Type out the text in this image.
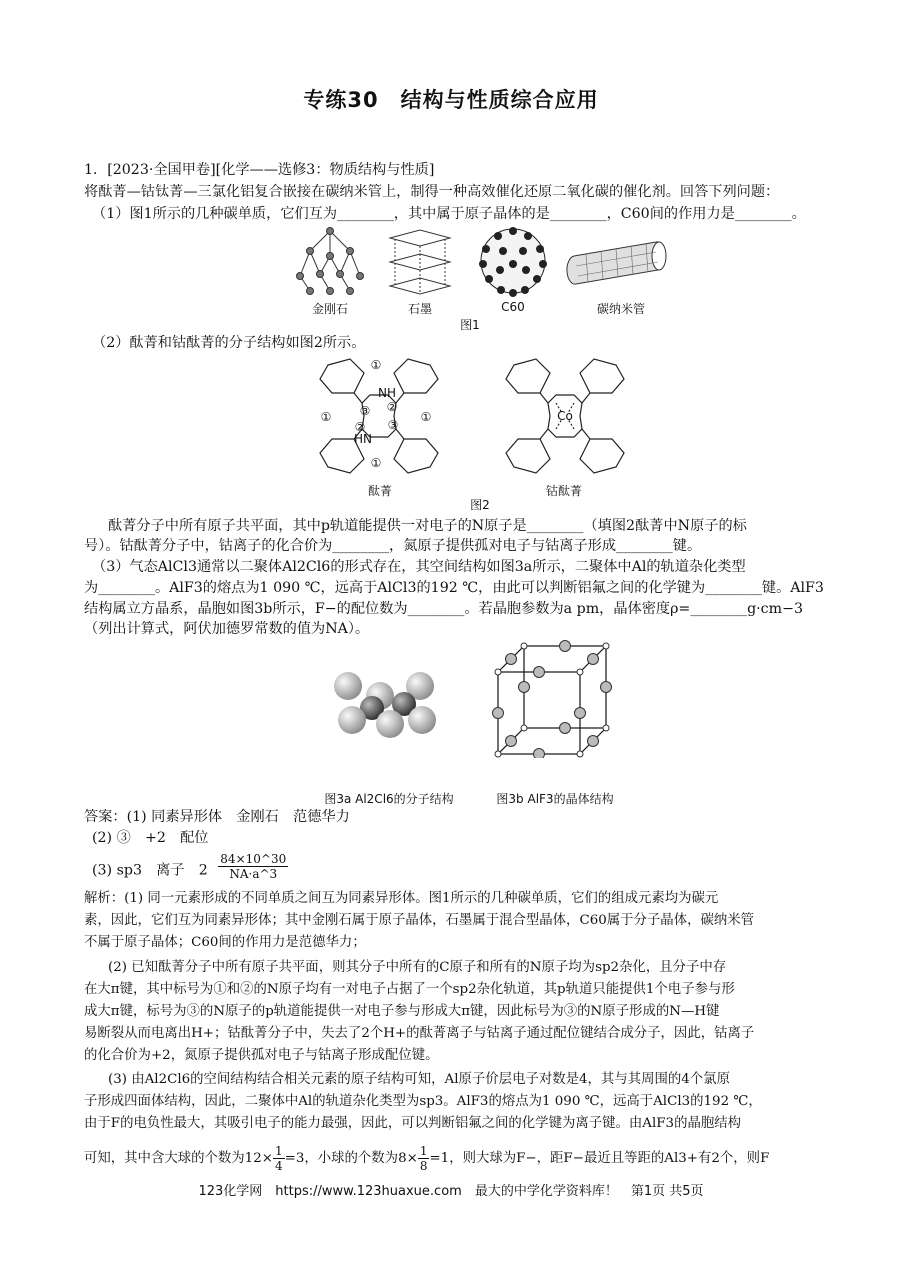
专练30　结构与性质综合应用
1．[2023·全国甲卷][化学——选修3：物质结构与性质]
将酞菁—钴钛菁—三氯化铝复合嵌接在碳纳米管上，制得一种高效催化还原二氧化碳的催化剂。回答下列问题：
（1）图1所示的几种碳单质，它们互为________，其中属于原子晶体的是________，C60间的作用力是________。
金刚石	石墨	C60	碳纳米管
图1
（2）酞菁和钴酞菁的分子结构如图2所示。
①
①
①	①
②
②
③
③
NH
HN
Co
酞菁	钴酞菁
图2
酞菁分子中所有原子共平面，其中p轨道能提供一对电子的N原子是________（填图2酞菁中N原子的标
号）。钴酞菁分子中，钴离子的化合价为________，氮原子提供孤对电子与钴离子形成________键。
（3）气态AlCl3通常以二聚体Al2Cl6的形式存在，其空间结构如图3a所示，二聚体中Al的轨道杂化类型
为________。AlF3的熔点为1 090 ℃，远高于AlCl3的192 ℃，由此可以判断铝氟之间的化学键为________键。AlF3
结构属立方晶系，晶胞如图3b所示，F−的配位数为________。若晶胞参数为a pm，晶体密度ρ=________g·cm−3
（列出计算式，阿伏加德罗常数的值为NA）。
图3a Al2Cl6的分子结构	图3b AlF3的晶体结构
答案：(1) 同素异形体　金刚石　范德华力
(2) ③　+2　配位
(3) sp3　离子　$2 \frac{84\times 10\^{}30}{NA\cdot a\^{}3}$
解析：(1) 同一元素形成的不同单质之间互为同素异形体。图1所示的几种碳单质，它们的组成元素均为碳元
素，因此，它们互为同素异形体；其中金刚石属于原子晶体，石墨属于混合型晶体，C60属于分子晶体，碳纳米管
不属于原子晶体；C60间的作用力是范德华力；
(2) 已知酞菁分子中所有原子共平面，则其分子中所有的C原子和所有的N原子均为sp2杂化，且分子中存
在大π键，其中标号为①和②的N原子均有一对电子占据了一个sp2杂化轨道，其p轨道只能提供1个电子参与形
成大π键，标号为③的N原子的p轨道能提供一对电子参与形成大π键，因此标号为③的N原子形成的N—H键
易断裂从而电离出H+；钴酞菁分子中，失去了2个H+的酞菁离子与钴离子通过配位键结合成分子，因此，钴离子
的化合价为+2，氮原子提供孤对电子与钴离子形成配位键。
(3) 由Al2Cl6的空间结构结合相关元素的原子结构可知，Al原子价层电子对数是4，其与其周围的4个氯原
子形成四面体结构，因此，二聚体中Al的轨道杂化类型为sp3。AlF3的熔点为1 090 ℃，远高于AlCl3的192 ℃，
由于F的电负性最大，其吸引电子的能力最强，因此，可以判断铝氟之间的化学键为离子键。由AlF3的晶胞结构
可知，其中含大球的个数为$12\times \frac{1}{4} =3$，小球的个数为$8\times \frac{1}{8} =1$，则大球为F−，距F−最近且等距的Al3+有2个，则F
123化学网　https://www.123huaxue.com　最大的中学化学资料库！　第1页 共5页
